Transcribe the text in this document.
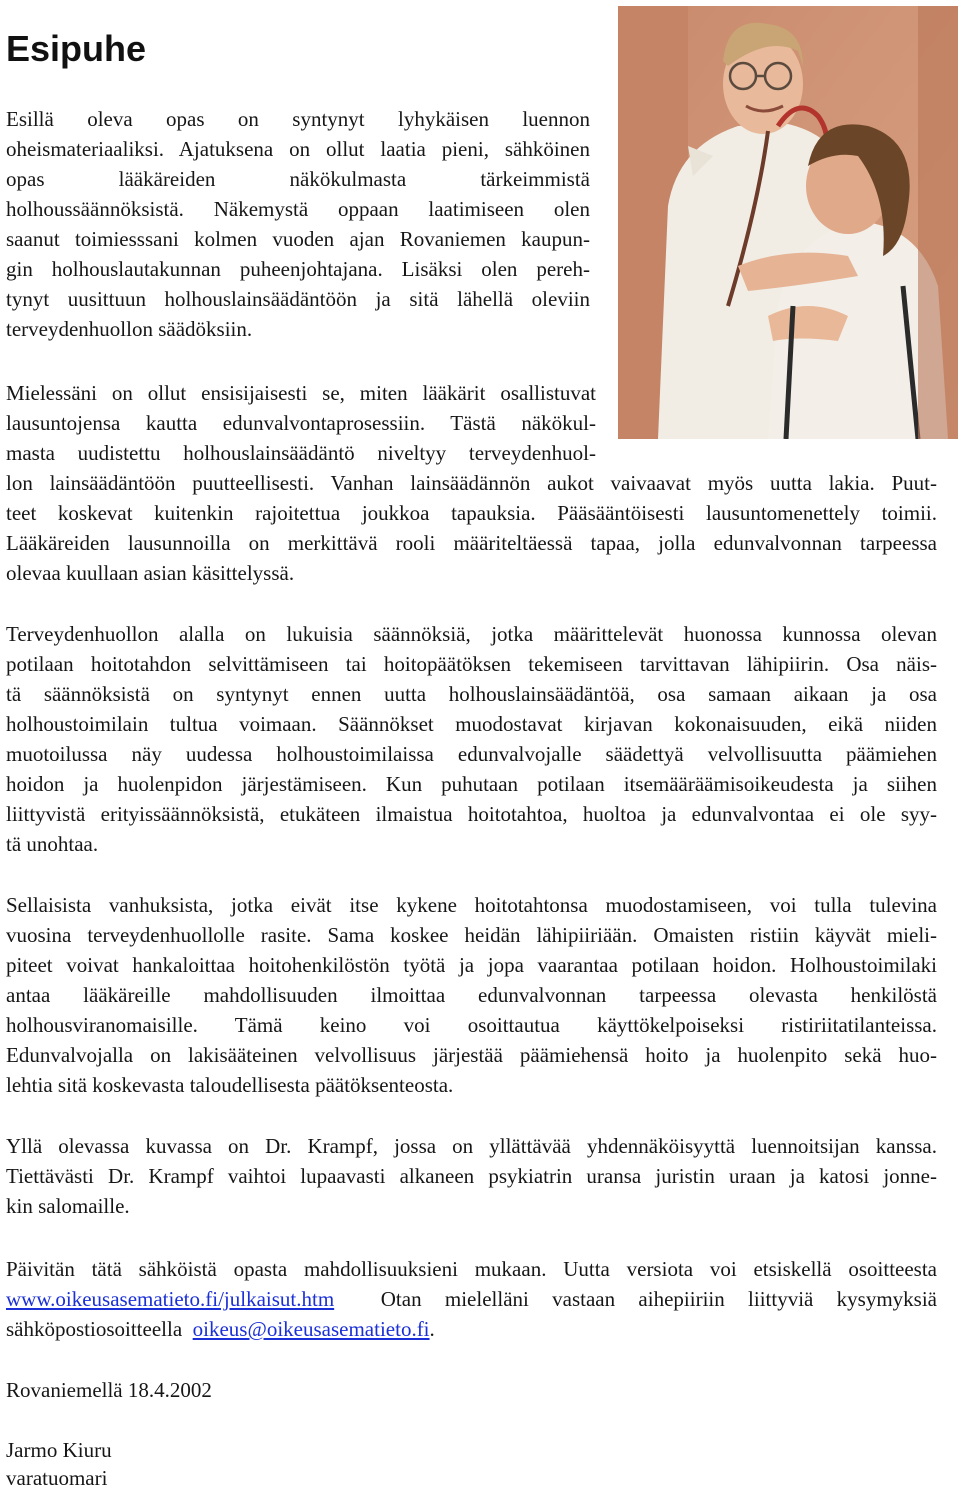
Esipuhe

Esillä oleva opas on syntynyt lyhykäisen luennon

oheismateriaaliksi. Ajatuksena on ollut laatia pieni, sähköinen

opas lääkäreiden näkökulmasta tärkeimmistä

holhoussäännöksistä. Näkemystä oppaan laatimiseen olen

saanut toimiesssani kolmen vuoden ajan Rovaniemen kaupun-

gin holhouslautakunnan puheenjohtajana. Lisäksi olen pereh-

tynyt uusittuun holhouslainsäädäntöön ja sitä lähellä oleviin

terveydenhuollon säädöksiin.

Mielessäni on ollut ensisijaisesti se, miten lääkärit osallistuvat

lausuntojensa kautta edunvalvontaprosessiin. Tästä näkökul-

masta uudistettu holhouslainsäädäntö niveltyy terveydenhuol-

lon lainsäädäntöön puutteellisesti. Vanhan lainsäädännön aukot vaivaavat myös uutta lakia. Puut-

teet koskevat kuitenkin rajoitettua joukkoa tapauksia. Pääsääntöisesti lausuntomenettely toimii.

Lääkäreiden lausunnoilla on merkittävä rooli määriteltäessä tapaa, jolla edunvalvonnan tarpeessa

olevaa kuullaan asian käsittelyssä.

Terveydenhuollon alalla on lukuisia säännöksiä, jotka määrittelevät huonossa kunnossa olevan

potilaan hoitotahdon selvittämiseen tai hoitopäätöksen tekemiseen tarvittavan lähipiirin. Osa näis-

tä säännöksistä on syntynyt ennen uutta holhouslainsäädäntöä, osa samaan aikaan ja osa

holhoustoimilain tultua voimaan. Säännökset muodostavat kirjavan kokonaisuuden, eikä niiden

muotoilussa näy uudessa holhoustoimilaissa edunvalvojalle säädettyä velvollisuutta päämiehen

hoidon ja huolenpidon järjestämiseen. Kun puhutaan potilaan itsemääräämisoikeudesta ja siihen

liittyvistä erityissäännöksistä, etukäteen ilmaistua hoitotahtoa, huoltoa ja edunvalvontaa ei ole syy-

tä unohtaa.

Sellaisista vanhuksista, jotka eivät itse kykene hoitotahtonsa muodostamiseen, voi tulla tulevina

vuosina terveydenhuollolle rasite. Sama koskee heidän lähipiiriään. Omaisten ristiin käyvät mieli-

piteet voivat hankaloittaa hoitohenkilöstön työtä ja jopa vaarantaa potilaan hoidon. Holhoustoimilaki

antaa lääkäreille mahdollisuuden ilmoittaa edunvalvonnan tarpeessa olevasta henkilöstä

holhousviranomaisille. Tämä keino voi osoittautua käyttökelpoiseksi ristiriitatilanteissa.

Edunvalvojalla on lakisääteinen velvollisuus järjestää päämiehensä hoito ja huolenpito sekä huo-

lehtia sitä koskevasta taloudellisesta päätöksenteosta.

Yllä olevassa kuvassa on Dr. Krampf, jossa on yllättävää yhdennäköisyyttä luennoitsijan kanssa.

Tiettävästi Dr. Krampf vaihtoi lupaavasti alkaneen psykiatrin uransa juristin uraan ja katosi jonne-

kin salomaille.

Päivitän tätä sähköistä opasta mahdollisuuksieni mukaan. Uutta versiota voi etsiskellä osoitteesta

www.oikeusasematieto.fi/julkaisut.htm  Otan mielelläni vastaan aihepiiriin liittyviä kysymyksiä

sähköpostiosoitteella  oikeus@oikeusasematieto.fi.

Rovaniemellä 18.4.2002

Jarmo Kiuru

varatuomari
